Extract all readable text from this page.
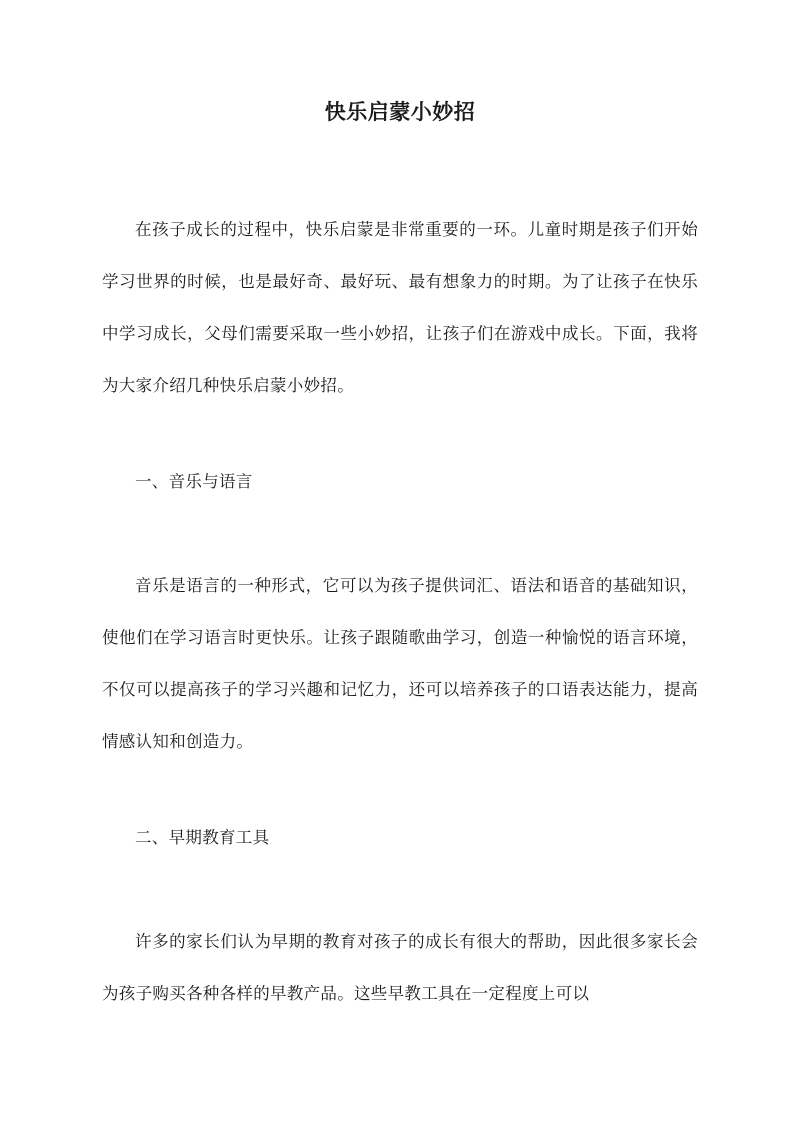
快乐启蒙小妙招

在孩子成长的过程中，快乐启蒙是非常重要的一环。儿童时期是孩子们开始学习世界的时候，也是最好奇、最好玩、最有想象力的时期。为了让孩子在快乐中学习成长，父母们需要采取一些小妙招，让孩子们在游戏中成长。下面，我将为大家介绍几种快乐启蒙小妙招。

一、音乐与语言

音乐是语言的一种形式，它可以为孩子提供词汇、语法和语音的基础知识，使他们在学习语言时更快乐。让孩子跟随歌曲学习，创造一种愉悦的语言环境，不仅可以提高孩子的学习兴趣和记忆力，还可以培养孩子的口语表达能力，提高情感认知和创造力。

二、早期教育工具

许多的家长们认为早期的教育对孩子的成长有很大的帮助，因此很多家长会为孩子购买各种各样的早教产品。这些早教工具在一定程度上可以
